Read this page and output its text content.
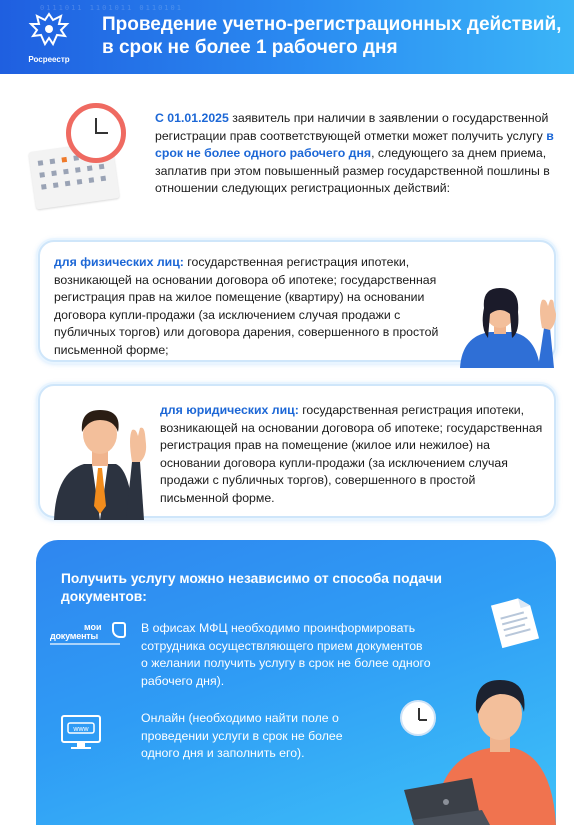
0111011 1101011 0110101
Росреестр
Проведение учетно-регистрационных действий, в срок не более 1 рабочего дня
С 01.01.2025 заявитель при наличии в заявлении о государственной регистрации прав соответствующей отметки может получить услугу в срок не более одного рабочего дня, следующего за днем приема, заплатив при этом повышенный размер государственной пошлины в отношении следующих регистрационных действий:
для физических лиц: государственная регистрация ипотеки, возникающей на основании договора об ипотеке; государственная регистрация прав на жилое помещение (квартиру) на основании договора купли-продажи (за исключением случая продажи с публичных торгов) или договора дарения, совершенного в простой письменной форме;
для юридических лиц: государственная регистрация ипотеки, возникающей на основании договора об ипотеке; государственная регистрация прав на помещение (жилое или нежилое) на основании договора купли-продажи (за исключением случая продажи с публичных торгов), совершенного в простой письменной форме.
Получить услугу можно независимо от способа подачи документов:
мои
документы
В офисах МФЦ необходимо проинформировать сотрудника осуществляющего прием документов о желании получить услугу в срок не более одного рабочего дня).
www
Онлайн (необходимо найти поле о проведении услуги в срок не более одного дня и заполнить его).
